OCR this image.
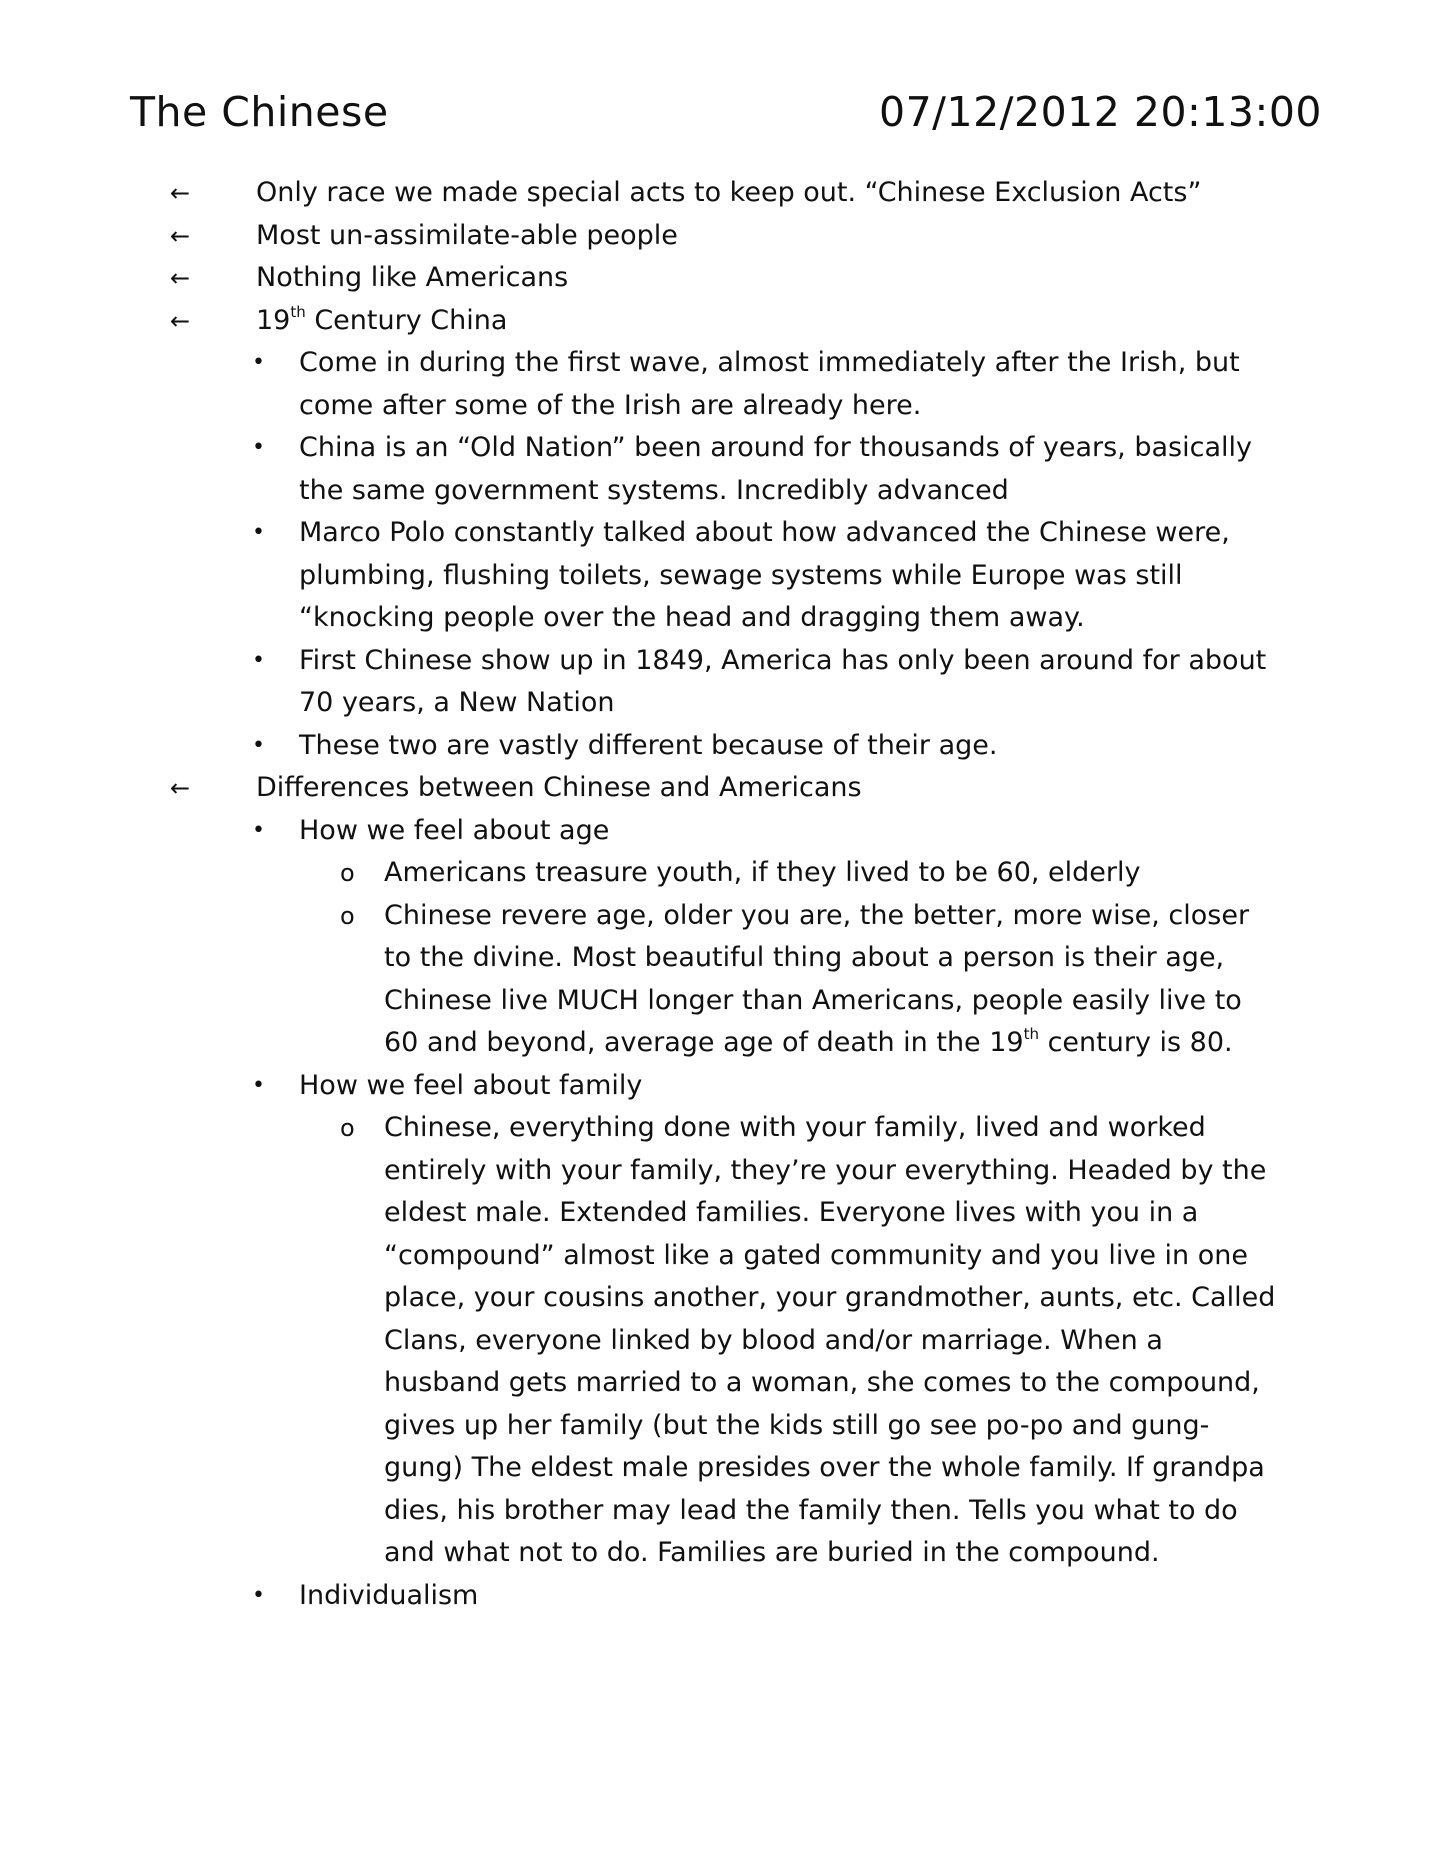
The Chinese	07/12/2012 20:13:00
← Only race we made special acts to keep out. “Chinese Exclusion Acts”
← Most un-assimilate-able people
← Nothing like Americans
← 19th Century China
• Come in during the first wave, almost immediately after the Irish, but come after some of the Irish are already here.
• China is an “Old Nation” been around for thousands of years, basically the same government systems. Incredibly advanced
• Marco Polo constantly talked about how advanced the Chinese were, plumbing, flushing toilets, sewage systems while Europe was still “knocking people over the head and dragging them away.
• First Chinese show up in 1849, America has only been around for about 70 years, a New Nation
• These two are vastly different because of their age.
← Differences between Chinese and Americans
• How we feel about age
o Americans treasure youth, if they lived to be 60, elderly
o Chinese revere age, older you are, the better, more wise, closer to the divine. Most beautiful thing about a person is their age, Chinese live MUCH longer than Americans, people easily live to 60 and beyond, average age of death in the 19th century is 80.
• How we feel about family
o Chinese, everything done with your family, lived and worked entirely with your family, they’re your everything. Headed by the eldest male. Extended families. Everyone lives with you in a “compound” almost like a gated community and you live in one place, your cousins another, your grandmother, aunts, etc. Called Clans, everyone linked by blood and/or marriage. When a husband gets married to a woman, she comes to the compound, gives up her family (but the kids still go see po-po and gung-gung) The eldest male presides over the whole family. If grandpa dies, his brother may lead the family then. Tells you what to do and what not to do. Families are buried in the compound.
• Individualism
